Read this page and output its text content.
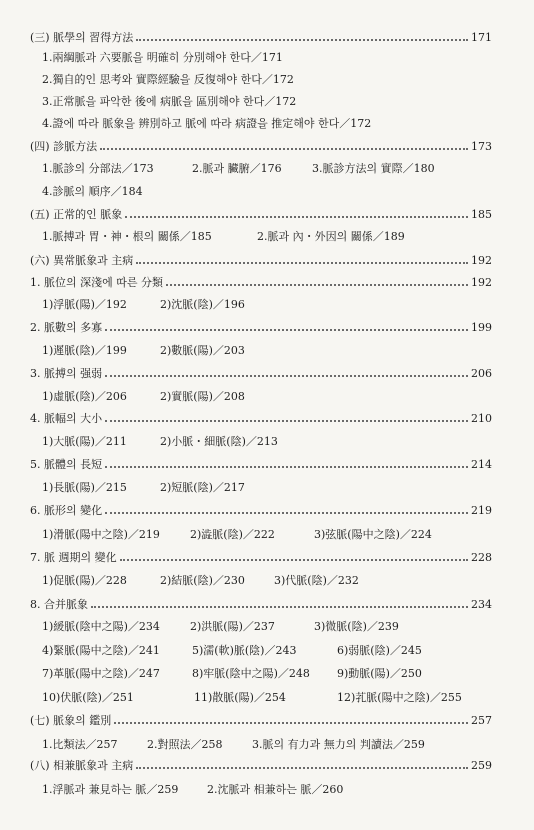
(三) 脈學의 習得方法	171
1.兩綱脈과 六要脈을 明確히 分別해야 한다／171
2.獨自的인 思考와 實際經驗을 反復해야 한다／172
3.正常脈을 파악한 後에 病脈을 區別해야 한다／172
4.證에 따라 脈象을 辨別하고 脈에 따라 病證을 推定해야 한다／172
(四) 診脈方法	173
1.脈診의 分部法／173	2.脈과 臟腑／176	3.脈診方法의 實際／180
4.診脈의 順序／184
(五) 正常的인 脈象	185
1.脈搏과 胃・神・根의 關係／185	2.脈과 內・外因의 關係／189
(六) 異常脈象과 主病	192
1. 脈位의 深淺에 따른 分類	192
1)浮脈(陽)／192	2)沈脈(陰)／196
2. 脈數의 多寡	199
1)遲脈(陰)／199	2)數脈(陽)／203
3. 脈搏의 强弱	206
1)虛脈(陰)／206	2)實脈(陽)／208
4. 脈幅의 大小	210
1)大脈(陽)／211	2)小脈・細脈(陰)／213
5. 脈體의 長短	214
1)長脈(陽)／215	2)短脈(陰)／217
6. 脈形의 變化	219
1)滑脈(陽中之陰)／219	2)澁脈(陰)／222	3)弦脈(陽中之陰)／224
7. 脈 週期의 變化	228
1)促脈(陽)／228	2)結脈(陰)／230	3)代脈(陰)／232
8. 合并脈象	234
1)緩脈(陰中之陽)／234	2)洪脈(陽)／237	3)微脈(陰)／239
4)緊脈(陽中之陰)／241	5)濡(軟)脈(陰)／243	6)弱脈(陰)／245
7)革脈(陽中之陰)／247	8)牢脈(陰中之陽)／248 9)動脈(陽)／250
10)伏脈(陰)／251	11)散脈(陽)／254	12)芤脈(陽中之陰)／255
(七) 脈象의 鑑別	257
1.比類法／257	2.對照法／258	3.脈의 有力과 無力의 判讀法／259
(八) 相兼脈象과 主病	259
1.浮脈과 兼見하는 脈／259	2.沈脈과 相兼하는 脈／260
